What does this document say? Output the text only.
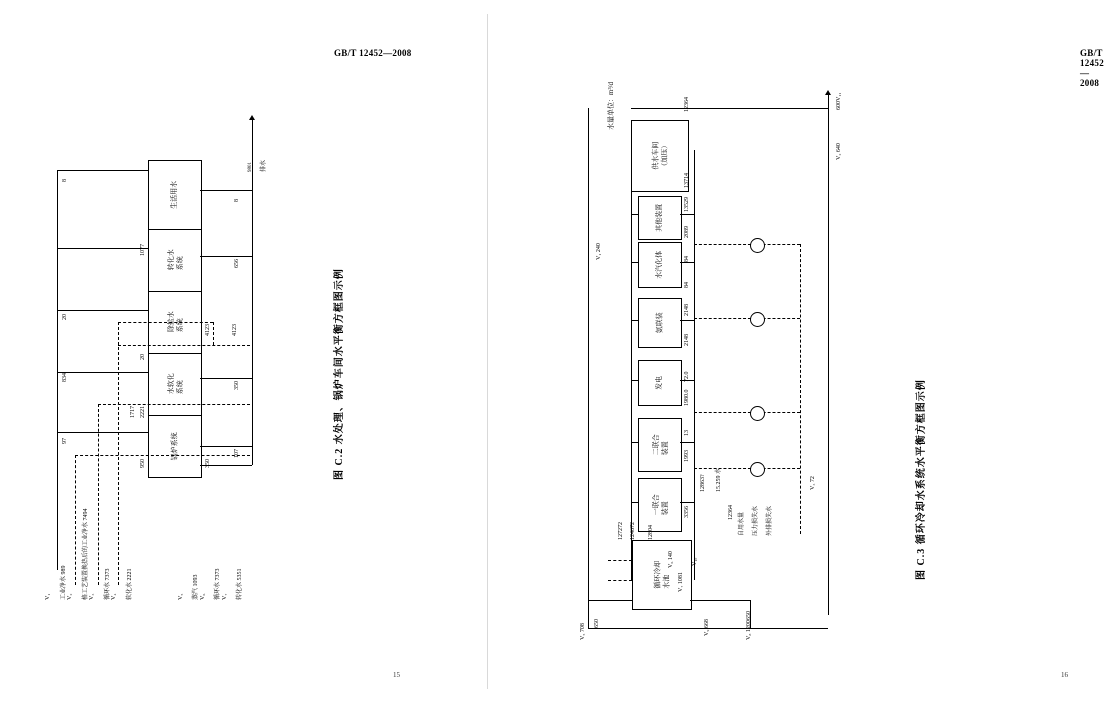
GB/T 12452—2008
15
图 C.2 水处理、锅炉车间水平衡方框图示例
锅炉系统
水软化
系统
除盐水
系统
转化水
系统
生活用水
排水
9801
V₁	工业净水 989 V₂	格工艺装置换热后的工业净水 7494 V₃	循环水 7373 V₄	软化水 2221	V₅	蒸汽 1093 V₆	循环水 7373 V₇	转化水 5351
8
8
1077
656
20
20
834
4123	4123
97
1717 2221
950	350
350
107
GB/T 12452—2008
16
图 C.3 循环冷却水系统水平衡方框图示例
水量单位：m³/d
供水车间
（加压）
其他装置
水汽化体
氨联装
发电
二联合
装置
一联合
装置
循环冷却
水池
自用水量	压力损失水	外排损失水
12364
13714
13529
2089
84
84
2148
2148
72.0
1980.0
13
1993
15.259 水
12863?
12364
3356
127272 124672 12804
650
650
V₁ 240
V₂ 640
V₃ 72
600V₁₁
V₅ 708
V₆ 140
V₇ 1081
V₈ 1200
V₉ 668
V₁₀
